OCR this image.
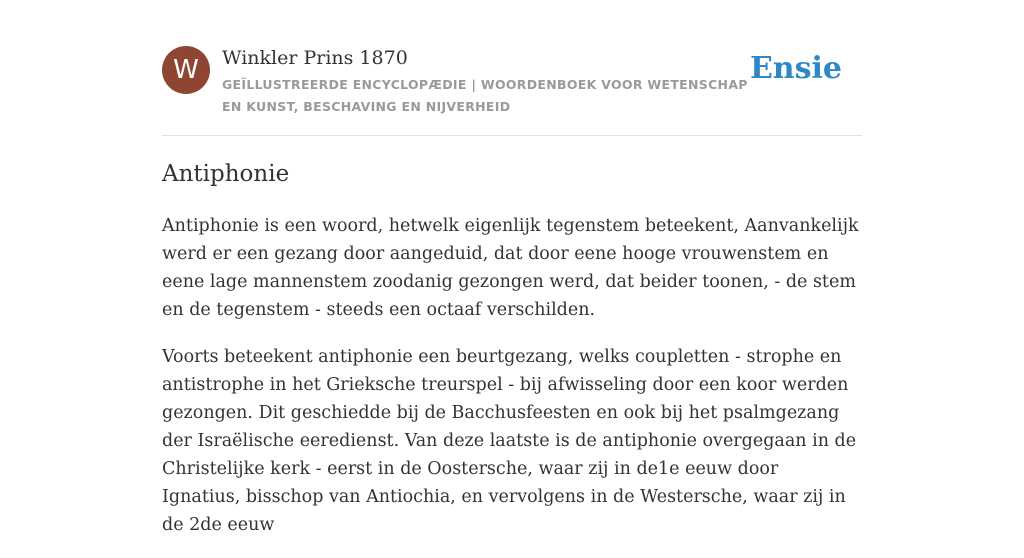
W	Winkler Prins 1870
GEÏLLUSTREERDE ENCYCLOPÆDIE | WOORDENBOEK VOOR WETENSCHAP EN KUNST, BESCHAVING EN NIJVERHEID
Ensie
Antiphonie

Antiphonie is een woord, hetwelk eigenlijk tegenstem beteekent, Aanvankelijk werd er een gezang door aangeduid, dat door eene hooge vrouwenstem en eene lage mannenstem zoodanig gezongen werd, dat beider toonen, - de stem en de tegenstem - steeds een octaaf verschilden.

Voorts beteekent antiphonie een beurtgezang, welks coupletten - strophe en antistrophe in het Grieksche treurspel - bij afwisseling door een koor werden gezongen. Dit geschiedde bij de Bacchusfeesten en ook bij het psalmgezang der Israëlische eeredienst. Van deze laatste is de antiphonie overgegaan in de Christelijke kerk - eerst in de Oostersche, waar zij in de1e eeuw door Ignatius, bisschop van Antiochia, en vervolgens in de Westersche, waar zij in de 2de eeuw
